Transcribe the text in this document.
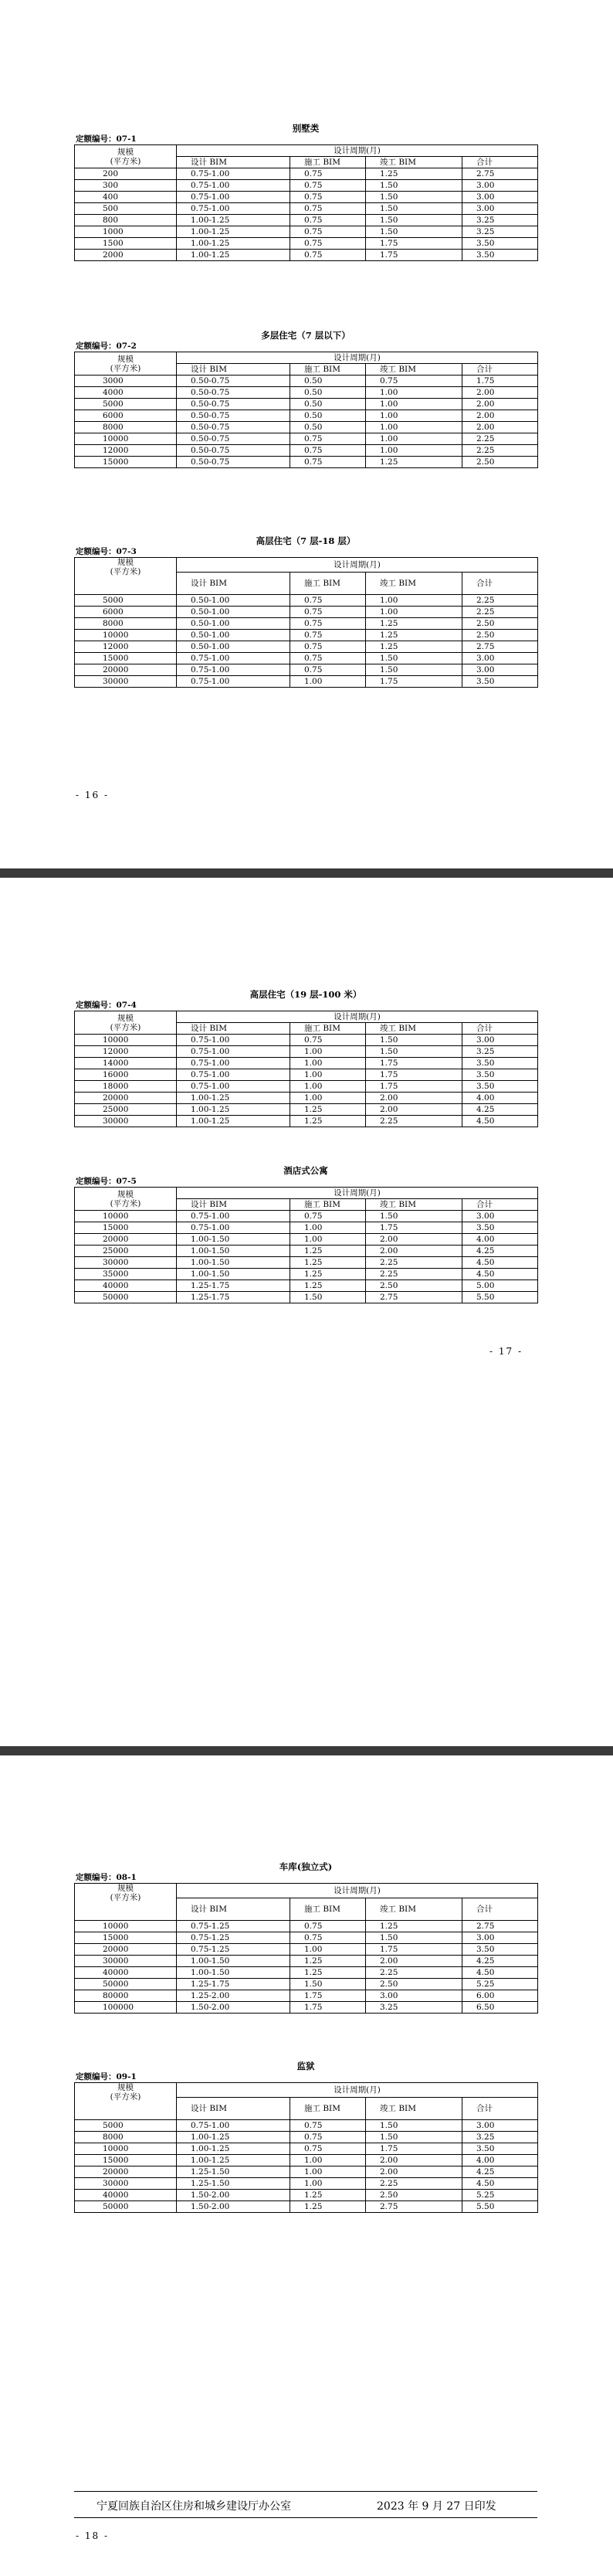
别墅类
定额编号：07-1
规模
(平方米)	设计周期(月)			
	设计 BIM	施工 BIM	竣工 BIM	合计
200	0.75-1.00	0.75	1.25	2.75
300	0.75-1.00	0.75	1.50	3.00
400	0.75-1.00	0.75	1.50	3.00
500	0.75-1.00	0.75	1.50	3.00
800	1.00-1.25	0.75	1.50	3.25
1000	1.00-1.25	0.75	1.50	3.25
1500	1.00-1.25	0.75	1.75	3.50
2000	1.00-1.25	0.75	1.75	3.50
多层住宅（7 层以下）
定额编号：07-2
规模
(平方米)	设计周期(月)			
	设计 BIM	施工 BIM	竣工 BIM	合计
3000	0.50-0.75	0.50	0.75	1.75
4000	0.50-0.75	0.50	1.00	2.00
5000	0.50-0.75	0.50	1.00	2.00
6000	0.50-0.75	0.50	1.00	2.00
8000	0.50-0.75	0.50	1.00	2.00
10000	0.50-0.75	0.75	1.00	2.25
12000	0.50-0.75	0.75	1.00	2.25
15000	0.50-0.75	0.75	1.25	2.50
高层住宅（7 层-18 层）
定额编号：07-3
规模
(平方米)	设计周期(月)			
	设计 BIM	施工 BIM	竣工 BIM	合计
5000	0.50-1.00	0.75	1.00	2.25
6000	0.50-1.00	0.75	1.00	2.25
8000	0.50-1.00	0.75	1.25	2.50
10000	0.50-1.00	0.75	1.25	2.50
12000	0.50-1.00	0.75	1.25	2.75
15000	0.75-1.00	0.75	1.50	3.00
20000	0.75-1.00	0.75	1.50	3.00
30000	0.75-1.00	1.00	1.75	3.50
- 16 -
高层住宅（19 层-100 米）
定额编号：07-4
规模
(平方米)	设计周期(月)			
	设计 BIM	施工 BIM	竣工 BIM	合计
10000	0.75-1.00	0.75	1.50	3.00
12000	0.75-1.00	1.00	1.50	3.25
14000	0.75-1.00	1.00	1.75	3.50
16000	0.75-1.00	1.00	1.75	3.50
18000	0.75-1.00	1.00	1.75	3.50
20000	1.00-1.25	1.00	2.00	4.00
25000	1.00-1.25	1.25	2.00	4.25
30000	1.00-1.25	1.25	2.25	4.50
酒店式公寓
定额编号：07-5
规模
(平方米)	设计周期(月)			
	设计 BIM	施工 BIM	竣工 BIM	合计
10000	0.75-1.00	0.75	1.50	3.00
15000	0.75-1.00	1.00	1.75	3.50
20000	1.00-1.50	1.00	2.00	4.00
25000	1.00-1.50	1.25	2.00	4.25
30000	1.00-1.50	1.25	2.25	4.50
35000	1.00-1.50	1.25	2.25	4.50
40000	1.25-1.75	1.25	2.50	5.00
50000	1.25-1.75	1.50	2.75	5.50
- 17 -
车库(独立式)
定额编号：08-1
规模
(平方米)	设计周期(月)			
	设计 BIM	施工 BIM	竣工 BIM	合计
10000	0.75-1.25	0.75	1.25	2.75
15000	0.75-1.25	0.75	1.50	3.00
20000	0.75-1.25	1.00	1.75	3.50
30000	1.00-1.50	1.25	2.00	4.25
40000	1.00-1.50	1.25	2.25	4.50
50000	1.25-1.75	1.50	2.50	5.25
80000	1.25-2.00	1.75	3.00	6.00
100000	1.50-2.00	1.75	3.25	6.50
监狱
定额编号：09-1
规模
(平方米)	设计周期(月)			
	设计 BIM	施工 BIM	竣工 BIM	合计
5000	0.75-1.00	0.75	1.50	3.00
8000	1.00-1.25	0.75	1.50	3.25
10000	1.00-1.25	0.75	1.75	3.50
15000	1.00-1.25	1.00	2.00	4.00
20000	1.25-1.50	1.00	2.00	4.25
30000	1.25-1.50	1.00	2.25	4.50
40000	1.50-2.00	1.25	2.50	5.25
50000	1.50-2.00	1.25	2.75	5.50
宁夏回族自治区住房和城乡建设厅办公室	2023 年 9 月 27 日印发
- 18 -
